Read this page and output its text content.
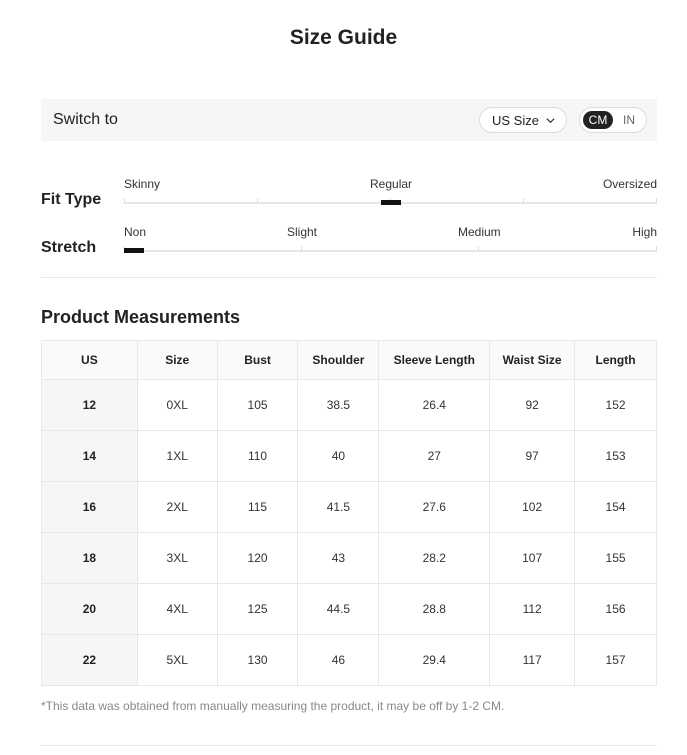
Size Guide
Switch to	US Size	CM	IN
Fit Type
Skinny	Regular	Oversized
Stretch
Non	Slight	Medium	High
Product Measurements
US	Size	Bust	Shoulder	Sleeve Length	Waist Size	Length
12	0XL	105	38.5	26.4	92	152
14	1XL	110	40	27	97	153
16	2XL	115	41.5	27.6	102	154
18	3XL	120	43	28.2	107	155
20	4XL	125	44.5	28.8	112	156
22	5XL	130	46	29.4	117	157
*This data was obtained from manually measuring the product, it may be off by 1-2 CM.
